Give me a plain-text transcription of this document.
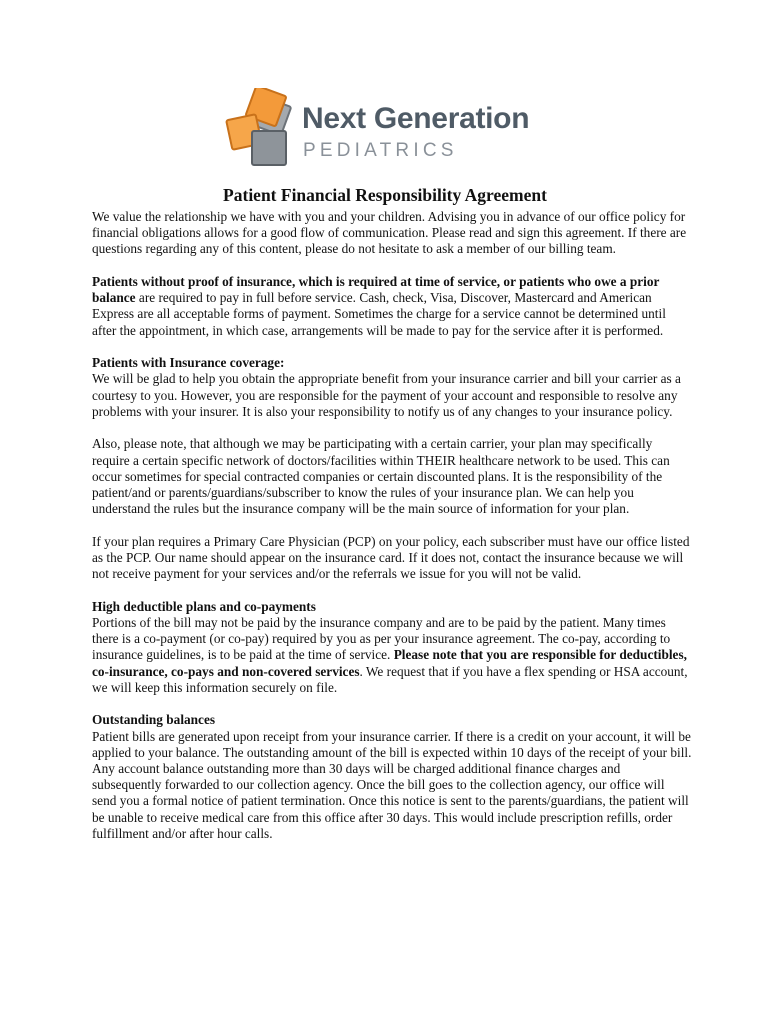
Next Generation
PEDIATRICS
Patient Financial Responsibility Agreement

We value the relationship we have with you and your children. Advising you in advance of our office policy for financial obligations allows for a good flow of communication. Please read and sign this agreement. If there are questions regarding any of this content, please do not hesitate to ask a member of our billing team.

Patients without proof of insurance, which is required at time of service, or patients who owe a prior balance are required to pay in full before service. Cash, check, Visa, Discover, Mastercard and American Express are all acceptable forms of payment. Sometimes the charge for a service cannot be determined until after the appointment, in which case, arrangements will be made to pay for the service after it is performed.

Patients with Insurance coverage:
We will be glad to help you obtain the appropriate benefit from your insurance carrier and bill your carrier as a courtesy to you. However, you are responsible for the payment of your account and responsible to resolve any problems with your insurer. It is also your responsibility to notify us of any changes to your insurance policy.

Also, please note, that although we may be participating with a certain carrier, your plan may specifically require a certain specific network of doctors/facilities within THEIR healthcare network to be used. This can occur sometimes for special contracted companies or certain discounted plans. It is the responsibility of the patient/and or parents/guardians/subscriber to know the rules of your insurance plan. We can help you understand the rules but the insurance company will be the main source of information for your plan.

If your plan requires a Primary Care Physician (PCP) on your policy, each subscriber must have our office listed as the PCP. Our name should appear on the insurance card. If it does not, contact the insurance because we will not receive payment for your services and/or the referrals we issue for you will not be valid.

High deductible plans and co-payments
Portions of the bill may not be paid by the insurance company and are to be paid by the patient. Many times there is a co-payment (or co-pay) required by you as per your insurance agreement. The co-pay, according to insurance guidelines, is to be paid at the time of service. Please note that you are responsible for deductibles, co-insurance, co-pays and non-covered services. We request that if you have a flex spending or HSA account, we will keep this information securely on file.

Outstanding balances
Patient bills are generated upon receipt from your insurance carrier. If there is a credit on your account, it will be applied to your balance. The outstanding amount of the bill is expected within 10 days of the receipt of your bill. Any account balance outstanding more than 30 days will be charged additional finance charges and subsequently forwarded to our collection agency. Once the bill goes to the collection agency, our office will send you a formal notice of patient termination. Once this notice is sent to the parents/guardians, the patient will be unable to receive medical care from this office after 30 days. This would include prescription refills, order fulfillment and/or after hour calls.
